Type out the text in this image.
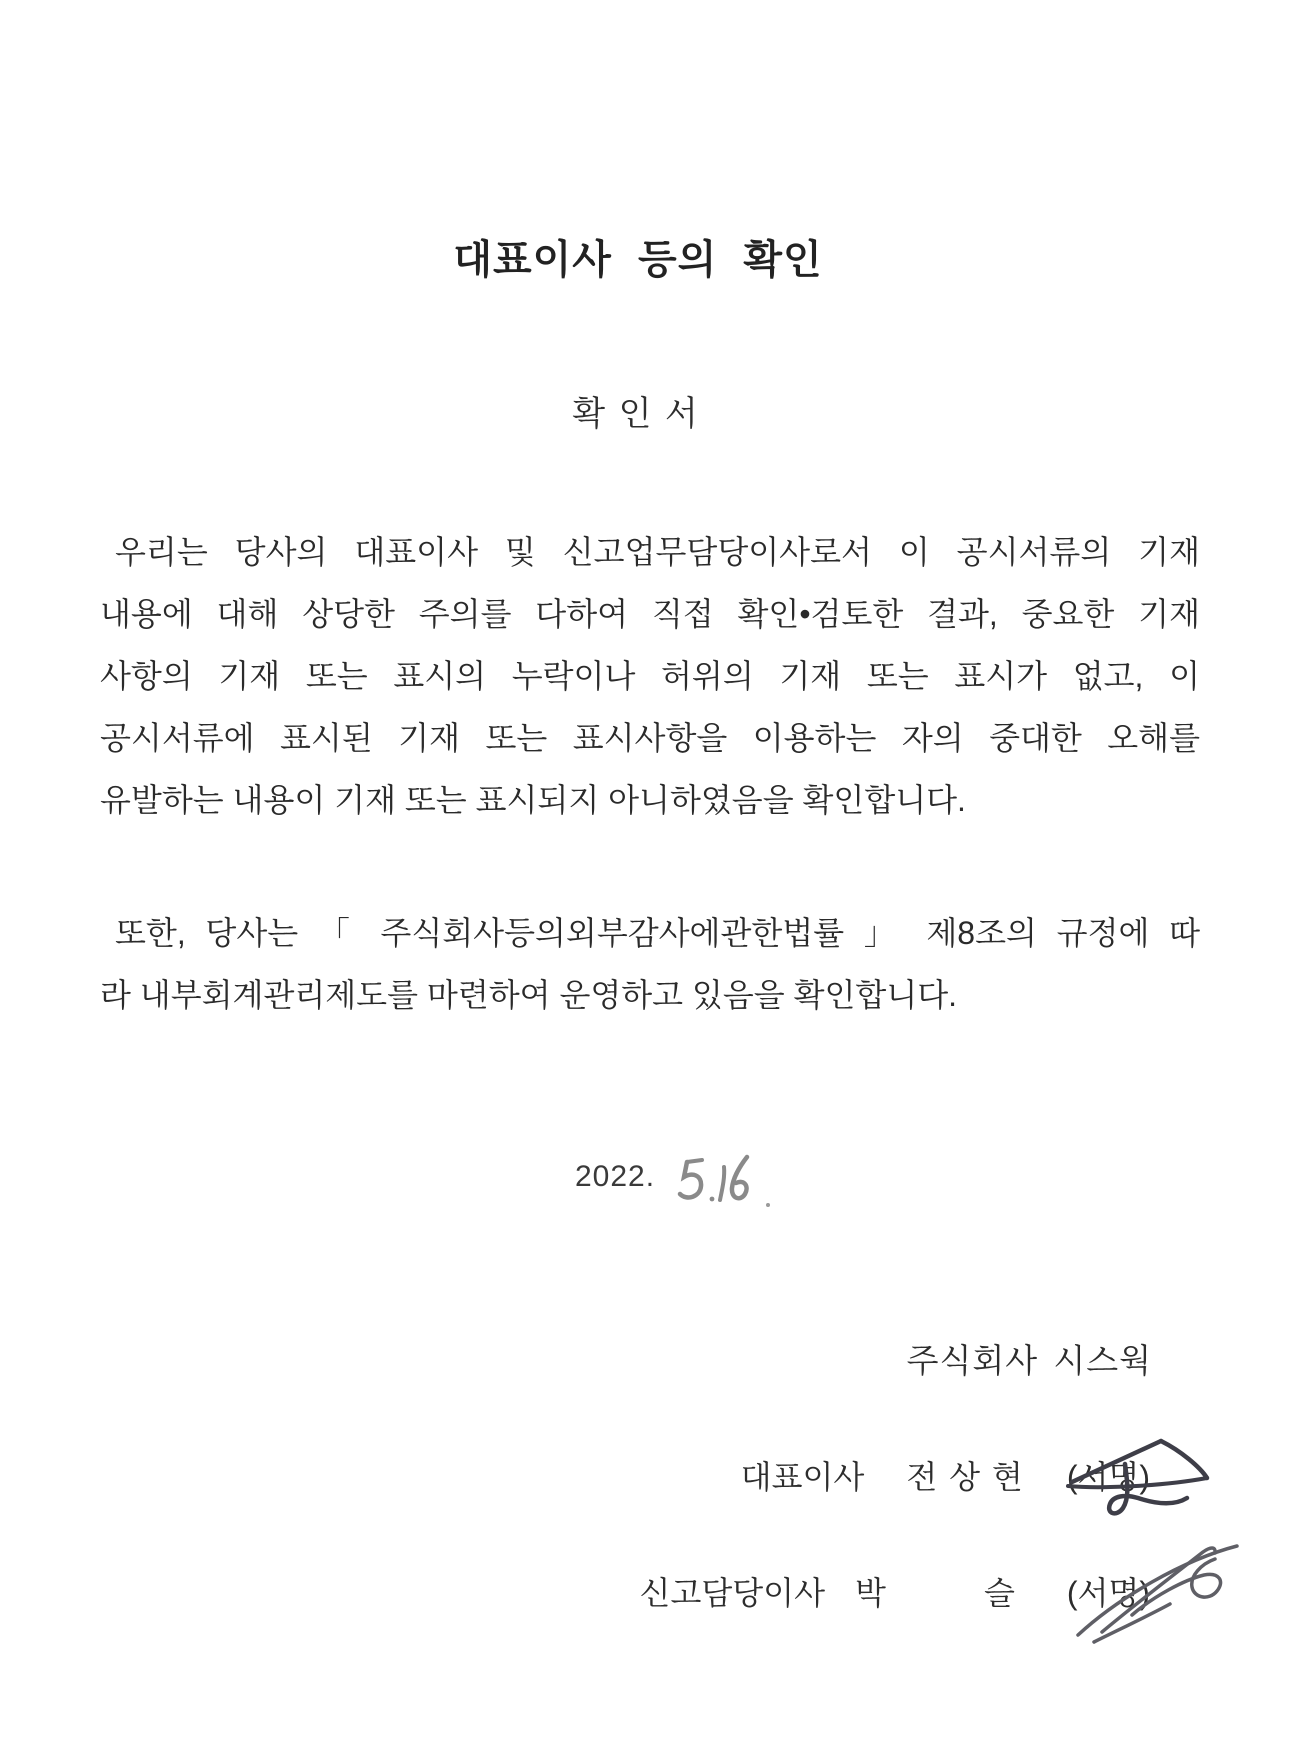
대표이사 등의 확인
확 인 서
우리는 당사의 대표이사 및 신고업무담당이사로서 이 공시서류의 기재
내용에 대해 상당한 주의를 다하여 직접 확인•검토한 결과, 중요한 기재
사항의 기재 또는 표시의 누락이나 허위의 기재 또는 표시가 없고, 이
공시서류에 표시된 기재 또는 표시사항을 이용하는 자의 중대한 오해를
유발하는 내용이 기재 또는 표시되지 아니하였음을 확인합니다.
또한, 당사는 「 주식회사등의외부감사에관한법률 」 제8조의 규정에 따
라 내부회계관리제도를 마련하여 운영하고 있음을 확인합니다.
2022.
주식회사 시스웍
대표이사 전 상 현 (서명)
신고담당이사 박	슬 (서명)
